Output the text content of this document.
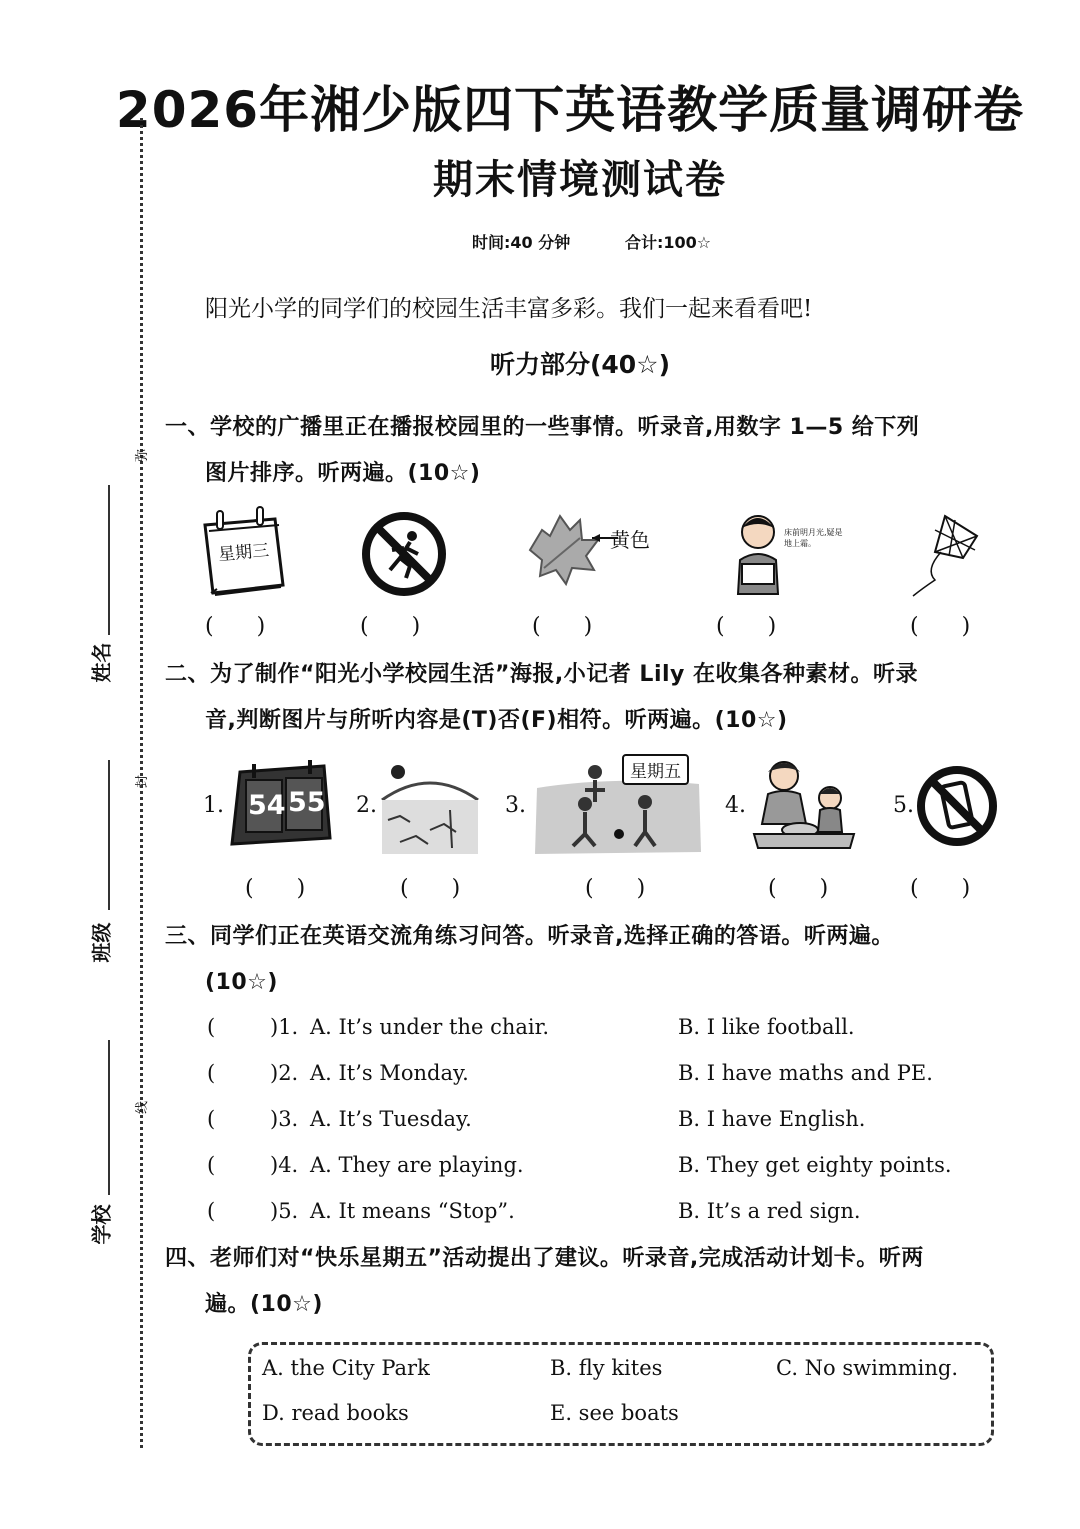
2026年湘少版四下英语教学质量调研卷
期末情境测试卷
时间:40 分钟	合计:100☆
阳光小学的同学们的校园生活丰富多彩。我们一起来看看吧!
听力部分(40☆)
弥
封
线
姓名
班级
学校
一、学校的广播里正在播报校园里的一些事情。听录音,用数字 1—5 给下列
图片排序。听两遍。(10☆)
星期三
黄色	床前明月光,疑是地上霜。
( )	( )	( )	( )	( )
二、为了制作“阳光小学校园生活”海报,小记者 Lily 在收集各种素材。听录
音,判断图片与所听内容是(T)否(F)相符。听两遍。(10☆)
1. 54 55 2.	3.
星期五
4.	5.
( )	( )	( )	( )	( )
三、同学们正在英语交流角练习问答。听录音,选择正确的答语。听两遍。
(10☆)
(	)1. A. It’s under the chair.	B. I like football.
(	)2. A. It’s Monday.	B. I have maths and PE.
(	)3. A. It’s Tuesday.	B. I have English.
(	)4. A. They are playing.	B. They get eighty points.
(	)5. A. It means “Stop”.	B. It’s a red sign.
四、老师们对“快乐星期五”活动提出了建议。听录音,完成活动计划卡。听两
遍。(10☆)
A. the City Park	B. fly kites	C. No swimming.
D. read books	E. see boats
